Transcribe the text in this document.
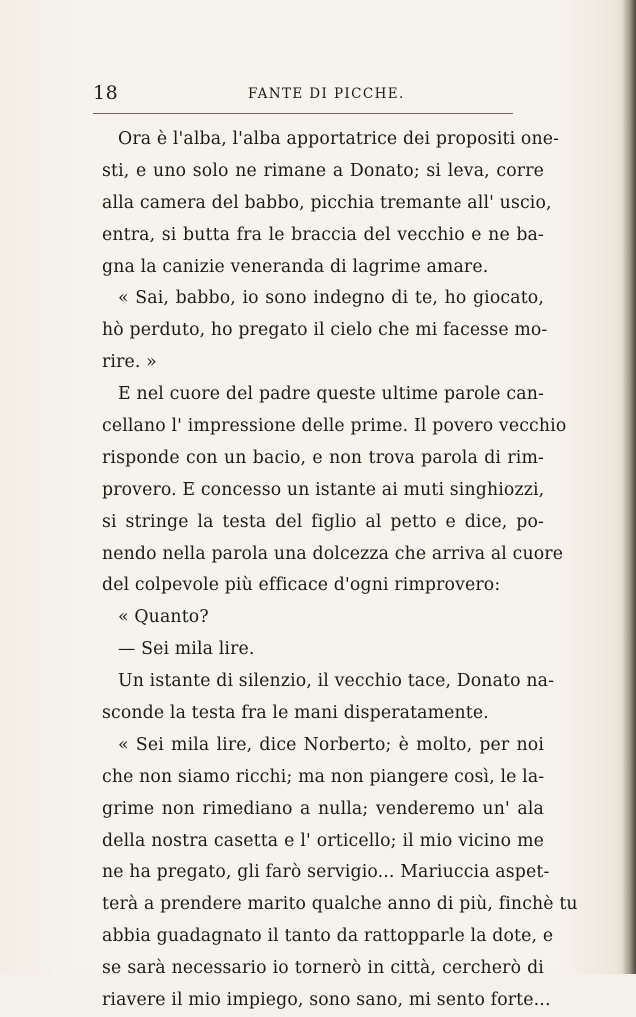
18	FANTE DI PICCHE.
Ora è l'alba, l'alba apportatrice dei propositi one-
sti, e uno solo ne rimane a Donato; si leva, corre
alla camera del babbo, picchia tremante all' uscio,
entra, si butta fra le braccia del vecchio e ne ba-
gna la canizie veneranda di lagrime amare.
« Sai, babbo, io sono indegno di te, ho giocato,
hò perduto, ho pregato il cielo che mi facesse mo-
rire. »
E nel cuore del padre queste ultime parole can-
cellano l' impressione delle prime. Il povero vecchio
risponde con un bacio, e non trova parola di rim-
provero. E concesso un istante ai muti singhiozzi,
si stringe la testa del figlio al petto e dice, po-
nendo nella parola una dolcezza che arriva al cuore
del colpevole più efficace d'ogni rimprovero:
« Quanto?
— Sei mila lire.
Un istante di silenzio, il vecchio tace, Donato na-
sconde la testa fra le mani disperatamente.
« Sei mila lire, dice Norberto; è molto, per noi
che non siamo ricchi; ma non piangere così, le la-
grime non rimediano a nulla; venderemo un' ala
della nostra casetta e l' orticello; il mio vicino me
ne ha pregato, gli farò servigio... Mariuccia aspet-
terà a prendere marito qualche anno di più, finchè tu
abbia guadagnato il tanto da rattopparle la dote, e
se sarà necessario io tornerò in città, cercherò di
riavere il mio impiego, sono sano, mi sento forte...
